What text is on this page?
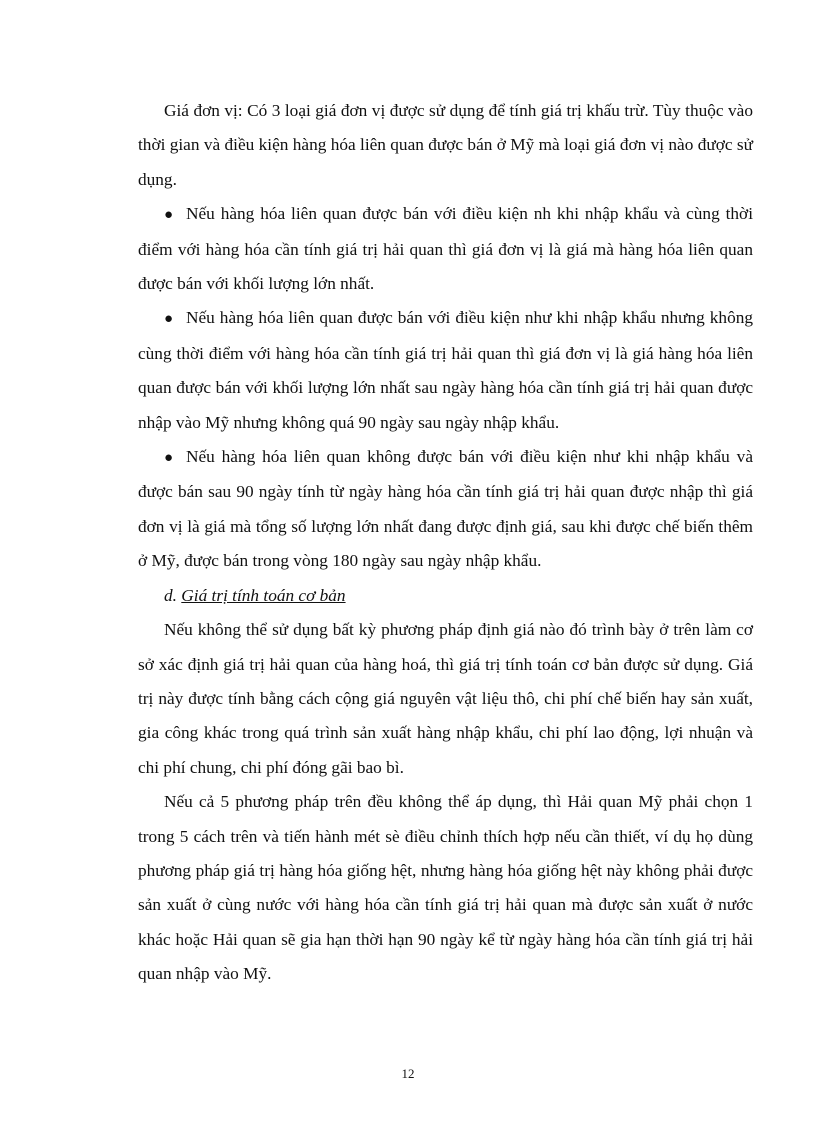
Giá đơn vị: Có 3 loại giá đơn vị được sử dụng để tính giá trị khấu trừ. Tùy thuộc vào thời gian và điều kiện hàng hóa liên quan được bán ở Mỹ mà loại giá đơn vị nào được sử dụng.

● Nếu hàng hóa liên quan được bán với điều kiện nh khi nhập khẩu và cùng thời điểm với hàng hóa cần tính giá trị hải quan thì giá đơn vị là giá mà hàng hóa liên quan được bán với khối lượng lớn nhất.

● Nếu hàng hóa liên quan được bán với điều kiện như khi nhập khẩu nhưng không cùng thời điểm với hàng hóa cần tính giá trị hải quan thì giá đơn vị là giá hàng hóa liên quan được bán với khối lượng lớn nhất sau ngày hàng hóa cần tính giá trị hải quan được nhập vào Mỹ nhưng không quá 90 ngày sau ngày nhập khẩu.

● Nếu hàng hóa liên quan không được bán với điều kiện như khi nhập khẩu và được bán sau 90 ngày tính từ ngày hàng hóa cần tính giá trị hải quan được nhập thì giá đơn vị là giá mà tổng số lượng lớn nhất đang được định giá, sau khi được chế biến thêm ở Mỹ, được bán trong vòng 180 ngày sau ngày nhập khẩu.

d. Giá trị tính toán cơ bản

Nếu không thể sử dụng bất kỳ phương pháp định giá nào đó trình bày ở trên làm cơ sở xác định giá trị hải quan của hàng hoá, thì giá trị tính toán cơ bản được sử dụng. Giá trị này được tính bằng cách cộng giá nguyên vật liệu thô, chi phí chế biến hay sản xuất, gia công khác trong quá trình sản xuất hàng nhập khẩu, chi phí lao động, lợi nhuận và chi phí chung, chi phí đóng gãi bao bì.

Nếu cả 5 phương pháp trên đều không thể áp dụng, thì Hải quan Mỹ phải chọn 1 trong 5 cách trên và tiến hành mét sè điều chỉnh thích hợp nếu cần thiết, ví dụ họ dùng phương pháp giá trị hàng hóa giống hệt, nhưng hàng hóa giống hệt này không phải được sản xuất ở cùng nước với hàng hóa cần tính giá trị hải quan mà được sản xuất ở nước khác hoặc Hải quan sẽ gia hạn thời hạn 90 ngày kể từ ngày hàng hóa cần tính giá trị hải quan nhập vào Mỹ.

12
